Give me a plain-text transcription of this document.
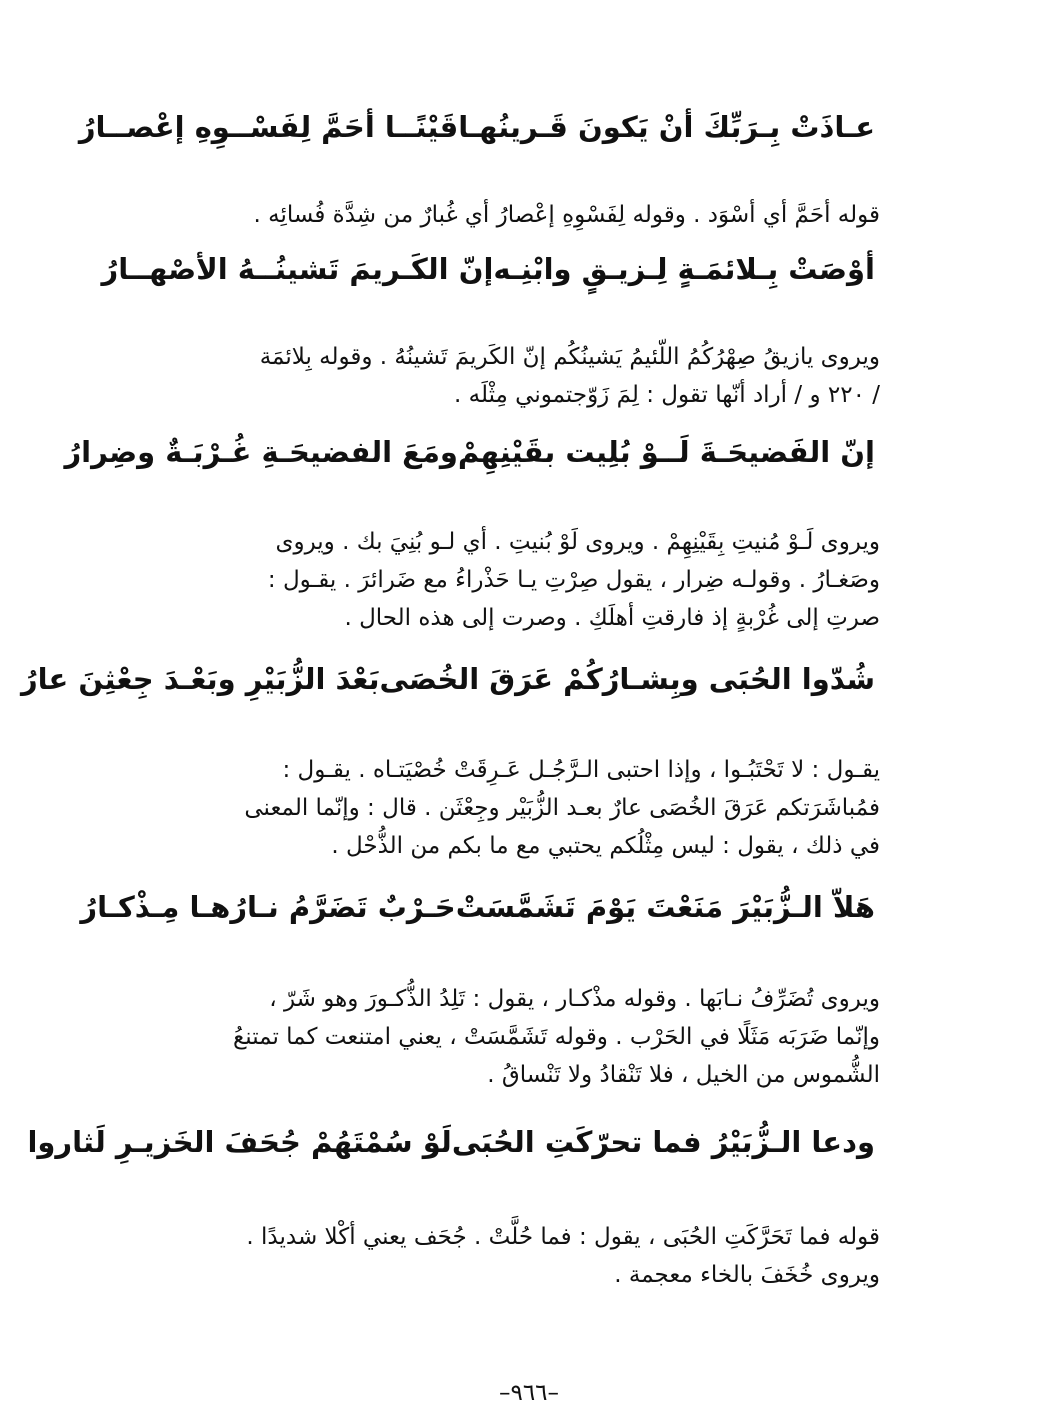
عـاذَتْ بِـرَبِّكَ أنْ يَكونَ قَـرينُهـا
قَيْنًــا أحَمَّ لِفَسْــوِهِ إعْصــارُ
قوله أحَمَّ أي أسْوَد . وقوله لِفَسْوِهِ إعْصارُ أي غُبارٌ من شِدَّة فُسائِه .
أوْصَتْ بِـلائمَـةٍ لِـزيـقٍ وابْنِـه
إنّ الكَـريمَ تَشينُــهُ الأصْهــارُ
ويروى يازيقُ صِهْرُكُمُ اللّئيمُ يَشينُكُم إنّ الكَريمَ تَشينُهُ . وقوله بِلائمَة
/ ٢٢٠ و / أراد أنّها تقول : لِمَ زَوّجتموني مِثْلَه .
إنّ الفَضيحَـةَ لَــوْ بُلِيت بقَيْنِهِمْ
ومَعَ الفضيحَـةِ غُـرْبَـةٌ وضِرارُ
ويروى لَـوْ مُنيتِ بِقَيْنِهِمْ . ويروى لَوْ بُنيتِ . أي لـو بُنِيَ بك . ويروى
وصَغـارُ . وقولـه ضِرار ، يقول صِرْتِ يـا حَذْراءُ مع ضَرائرَ . يقـول :
صرتِ إلى غُرْبةٍ إذ فارقتِ أهلَكِ . وصرت إلى هذه الحال .
شُدّوا الحُبَى وبِشـارُكُمْ عَرَقَ الخُصَى
بَعْدَ الزُّبَيْرِ وبَعْـدَ جِعْثِنَ عارُ
يقـول : لا تَحْتَبُـوا ، وإذا احتبى الـرَّجُـل عَـرِقَتْ خُصْيَتـاه . يقـول :
فمُباشَرَتكم عَرَقَ الخُصَى عارٌ بعـد الزُّبَيْر وجِعْثَن . قال : وإنّما المعنى
في ذلك ، يقول : ليس مِثْلُكم يحتبي مع ما بكم من الذُّحْل .
هَلاّ الـزُّبَيْرَ مَنَعْتَ يَوْمَ تَشَمَّسَتْ
حَـرْبٌ تَضَرَّمُ نـارُهـا مِـذْكـارُ
ويروى تُضَرِّفُ نـابَها . وقوله مذْكـار ، يقول : تَلِدُ الذُّكـورَ وهو شَرّ ،
وإنّما ضَرَبَه مَثَلًا في الحَرْب . وقوله تَشَمَّسَتْ ، يعني امتنعت كما تمتنعُ
الشُّموس من الخيل ، فلا تَنْقادُ ولا تَنْساقُ .
ودعا الـزُّبَيْرُ فما تحرّكَتِ الحُبَى
لَوْ سُمْتَهُمْ جُحَفَ الخَزيـرِ لَثاروا
قوله فما تَحَرَّكَتِ الحُبَى ، يقول : فما حُلَّتْ . جُحَف يعني أكْلا شديدًا .
ويروى خُخَفَ بالخاء معجمة .
–٩٦٦–
